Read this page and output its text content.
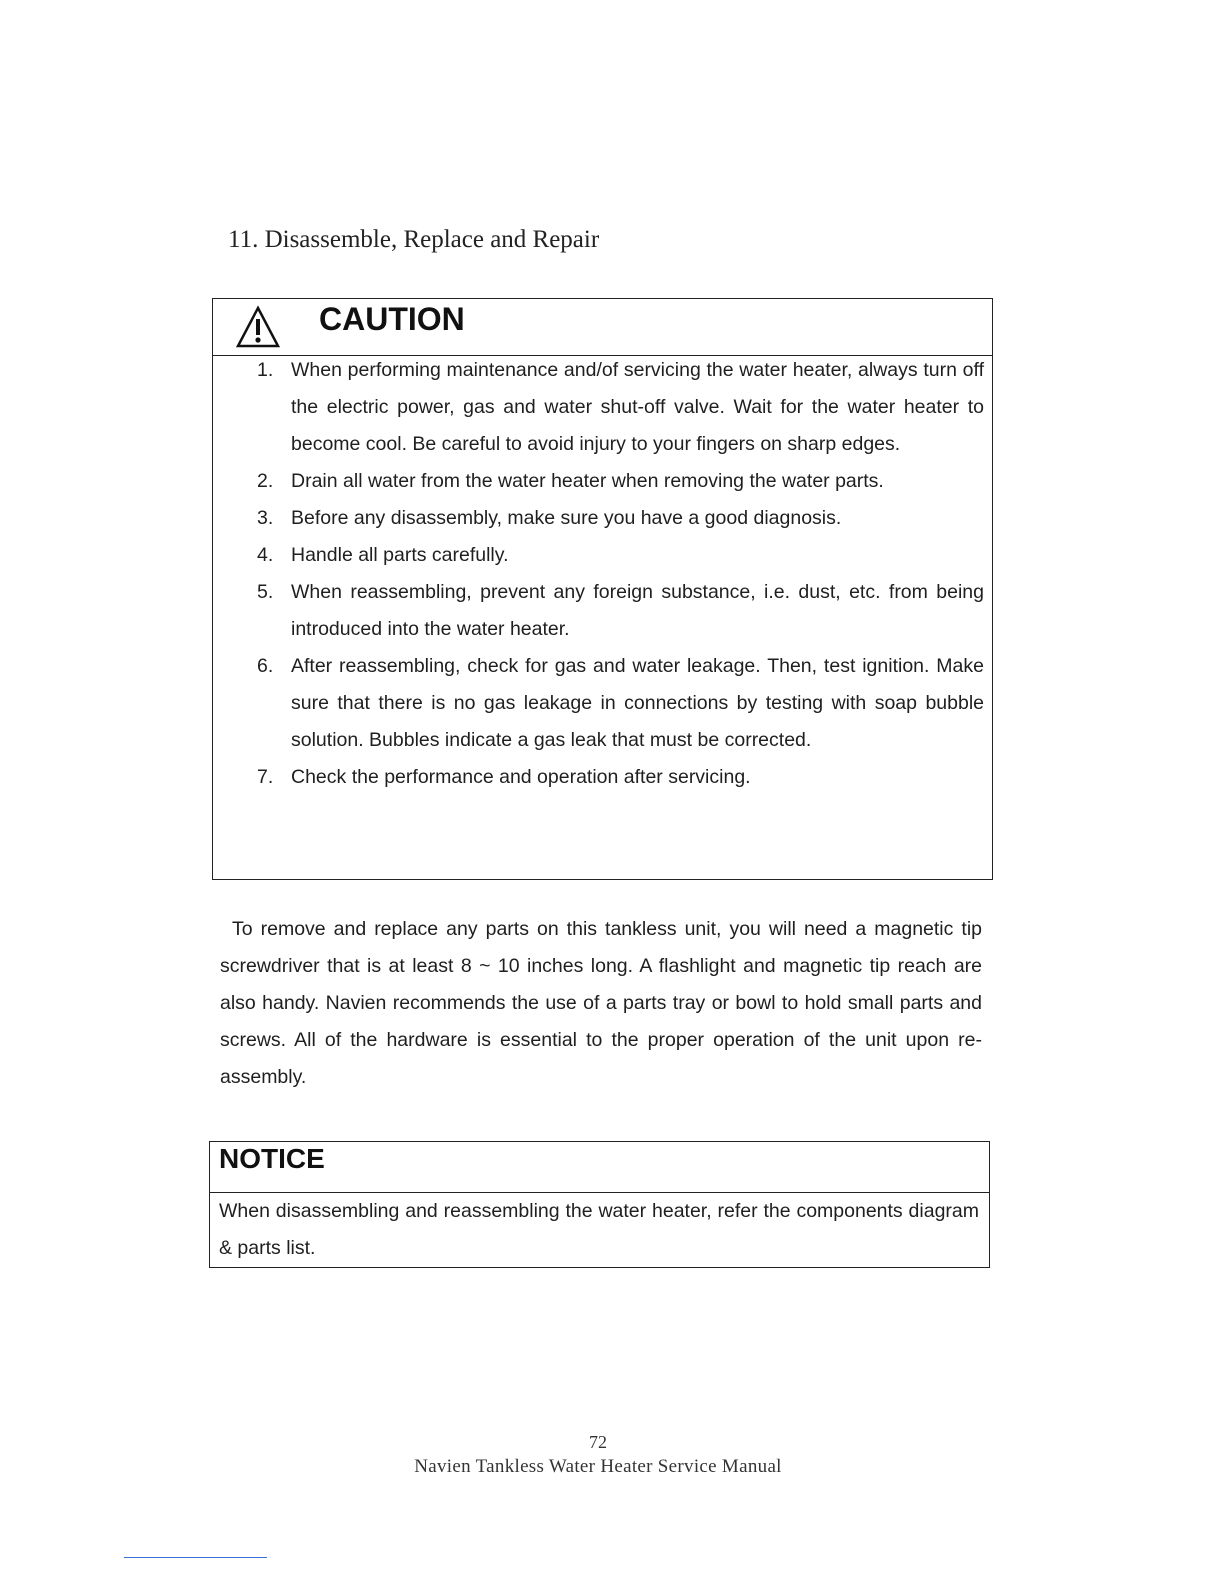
11. Disassemble, Replace and Repair
CAUTION
1. When performing maintenance and/of servicing the water heater, always turn off the electric power, gas and water shut-off valve. Wait for the water heater to become cool. Be careful to avoid injury to your fingers on sharp edges.
2. Drain all water from the water heater when removing the water parts.
3. Before any disassembly, make sure you have a good diagnosis.
4. Handle all parts carefully.
5. When reassembling, prevent any foreign substance, i.e. dust, etc. from being introduced into the water heater.
6. After reassembling, check for gas and water leakage. Then, test ignition. Make sure that there is no gas leakage in connections by testing with soap bubble solution. Bubbles indicate a gas leak that must be corrected.
7. Check the performance and operation after servicing.

To remove and replace any parts on this tankless unit, you will need a magnetic tip screwdriver that is at least 8 ~ 10 inches long. A flashlight and magnetic tip reach are also handy. Navien recommends the use of a parts tray or bowl to hold small parts and screws. All of the hardware is essential to the proper operation of the unit upon re-assembly.

NOTICE
When disassembling and reassembling the water heater, refer the components diagram & parts list.
72
Navien Tankless Water Heater Service Manual
